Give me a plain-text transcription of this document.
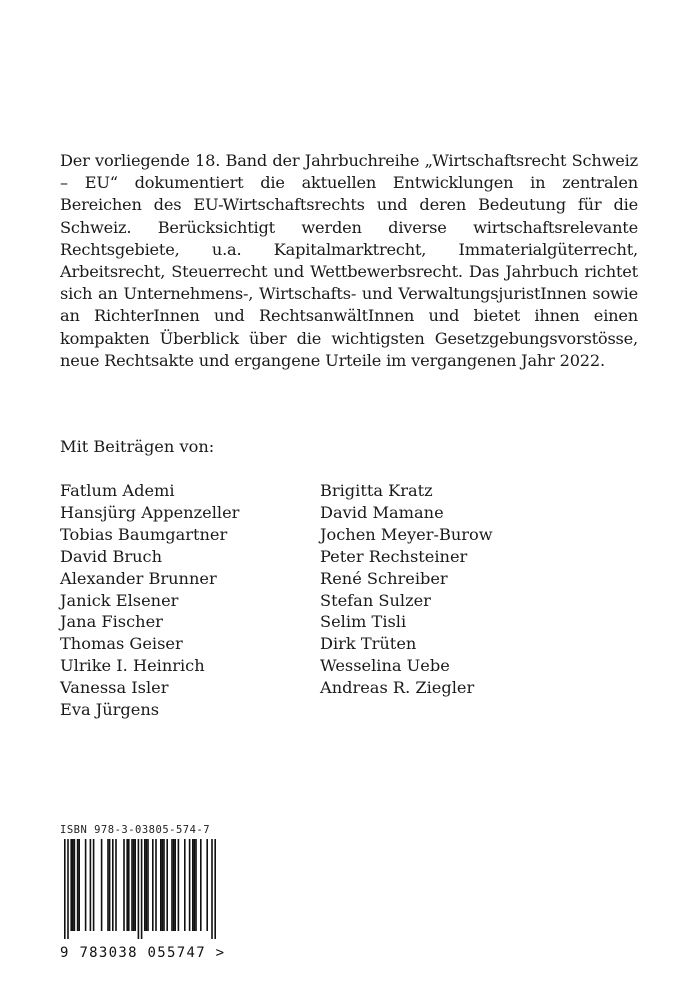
Der vorliegende 18. Band der Jahrbuchreihe „Wirtschaftsrecht Schweiz – EU“ dokumentiert die aktuellen Entwicklungen in zentralen Bereichen des EU-Wirtschaftsrechts und deren Bedeutung für die Schweiz. Berücksichtigt werden diverse wirtschaftsrelevante Rechtsgebiete, u.a. Kapitalmarktrecht, Immaterialgüterrecht, Arbeitsrecht, Steuerrecht und Wettbewerbsrecht. Das Jahrbuch richtet sich an Unternehmens-, Wirtschafts- und VerwaltungsjuristInnen sowie an RichterInnen und RechtsanwältInnen und bietet ihnen einen kompakten Überblick über die wichtigsten Gesetzgebungsvorstösse, neue Rechtsakte und ergangene Urteile im vergangenen Jahr 2022.
Mit Beiträgen von:
Fatlum Ademi
Hansjürg Appenzeller
Tobias Baumgartner
David Bruch
Alexander Brunner
Janick Elsener
Jana Fischer
Thomas Geiser
Ulrike I. Heinrich
Vanessa Isler
Eva Jürgens
Brigitta Kratz
David Mamane
Jochen Meyer-Burow
Peter Rechsteiner
René Schreiber
Stefan Sulzer
Selim Tisli
Dirk Trüten
Wesselina Uebe
Andreas R. Ziegler
ISBN 978-3-03805-574-7
9 783038 055747 >
